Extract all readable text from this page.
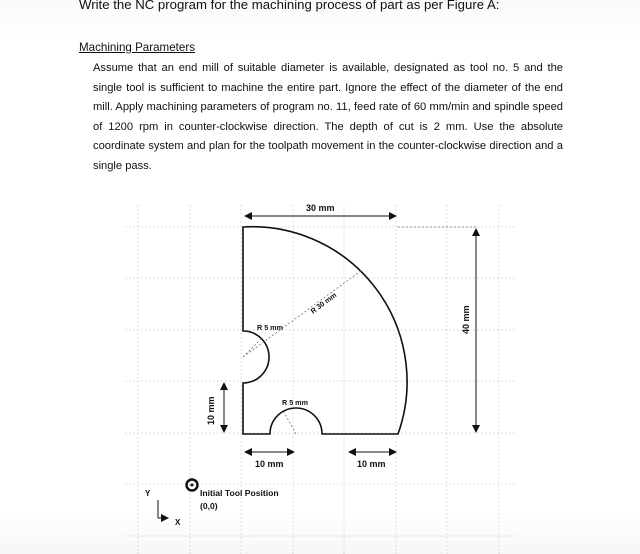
Write the NC program for the machining process of part as per Figure A:
Machining Parameters
Assume that an end mill of suitable diameter is available, designated as tool no. 5 and the single tool is sufficient to machine the entire part. Ignore the effect of the diameter of the end mill. Apply machining parameters of program no. 11, feed rate of 60 mm/min and spindle speed of 1200 rpm in counter-clockwise direction. The depth of cut is 2 mm. Use the absolute coordinate system and plan for the toolpath movement in the counter-clockwise direction and a single pass.
30 mm
40 mm
R 30 mm
R 5 mm
R 5 mm
10 mm
10 mm	10 mm
Initial Tool Position
(0,0)
Y
X
